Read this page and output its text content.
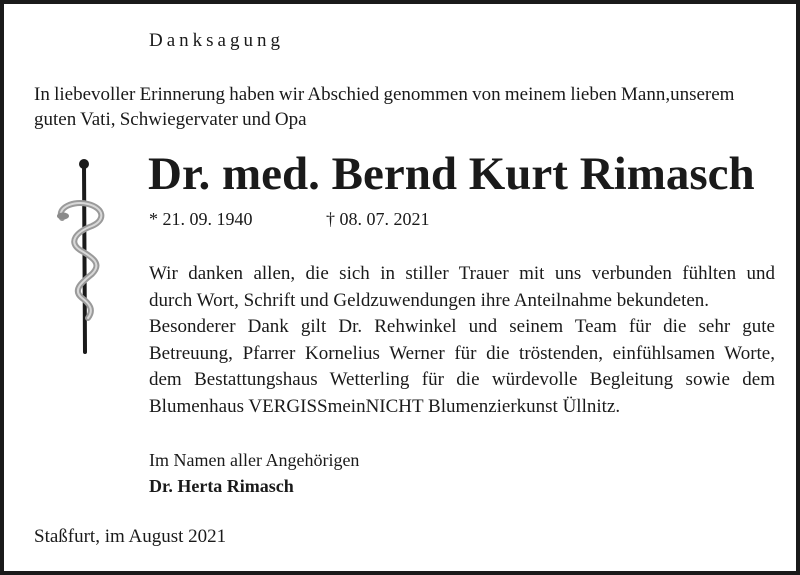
Danksagung
In liebevoller Erinnerung haben wir Abschied genommen von meinem lieben Mann,unserem
guten Vati, Schwiegervater und Opa
Dr. med. Bernd Kurt Rimasch
* 21. 09. 1940	† 08. 07. 2021
Wir danken allen, die sich in stiller Trauer mit uns verbunden fühlten und
durch Wort, Schrift und Geldzuwendungen ihre Anteilnahme bekundeten.
Besonderer Dank gilt Dr. Rehwinkel und seinem Team für die sehr gute
Betreuung, Pfarrer Kornelius Werner für die tröstenden, einfühlsamen Worte,
dem Bestattungshaus Wetterling für die würdevolle Begleitung sowie dem
Blumenhaus VERGISSmeinNICHT Blumenzierkunst Üllnitz.
Im Namen aller Angehörigen
Dr. Herta Rimasch
Staßfurt, im August 2021
